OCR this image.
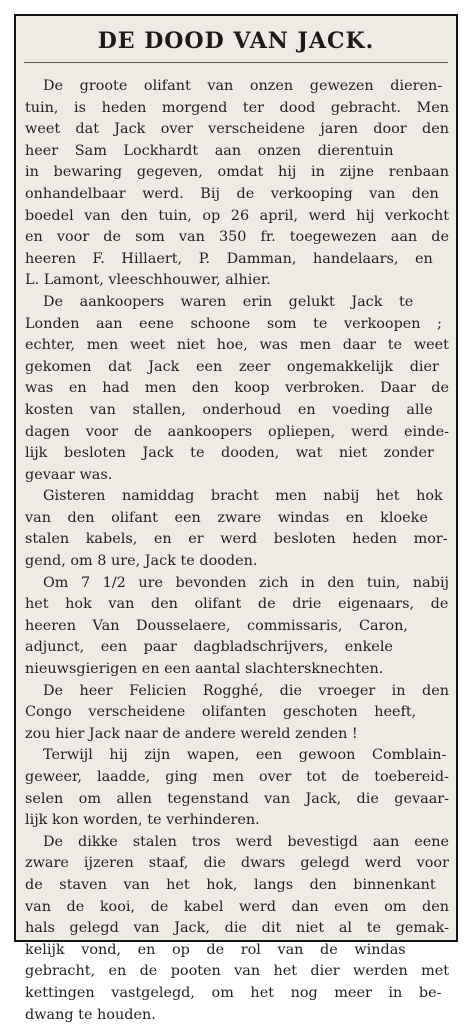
DE DOOD VAN JACK.
De groote olifant van onzen gewezen dieren-
tuin, is heden morgend ter dood gebracht. Men
weet dat Jack over verscheidene jaren door den
heer Sam Lockhardt aan onzen dierentuin
in bewaring gegeven, omdat hij in zijne renbaan
onhandelbaar werd. Bij de verkooping van den
boedel van den tuin, op 26 april, werd hij verkocht
en voor de som van 350 fr. toegewezen aan de
heeren F. Hillaert, P. Damman, handelaars, en
L. Lamont, vleeschhouwer, alhier.
De aankoopers waren erin gelukt Jack te
Londen aan eene schoone som te verkoopen ;
echter, men weet niet hoe, was men daar te weet
gekomen dat Jack een zeer ongemakkelijk dier
was en had men den koop verbroken. Daar de
kosten van stallen, onderhoud en voeding alle
dagen voor de aankoopers opliepen, werd einde-
lijk besloten Jack te dooden, wat niet zonder
gevaar was.
Gisteren namiddag bracht men nabij het hok
van den olifant een zware windas en kloeke
stalen kabels, en er werd besloten heden mor-
gend, om 8 ure, Jack te dooden.
Om 7 1/2 ure bevonden zich in den tuin, nabij
het hok van den olifant de drie eigenaars, de
heeren Van Dousselaere, commissaris, Caron,
adjunct, een paar dagbladschrijvers, enkele
nieuwsgierigen en een aantal slachtersknechten.
De heer Felicien Rogghé, die vroeger in den
Congo verscheidene olifanten geschoten heeft,
zou hier Jack naar de andere wereld zenden !
Terwijl hij zijn wapen, een gewoon Comblain-
geweer, laadde, ging men over tot de toebereid-
selen om allen tegenstand van Jack, die gevaar-
lijk kon worden, te verhinderen.
De dikke stalen tros werd bevestigd aan eene
zware ijzeren staaf, die dwars gelegd werd voor
de staven van het hok, langs den binnenkant
van de kooi, de kabel werd dan even om den
hals gelegd van Jack, die dit niet al te gemak-
kelijk vond, en op de rol van de windas
gebracht, en de pooten van het dier werden met
kettingen vastgelegd, om het nog meer in be-
dwang te houden.
